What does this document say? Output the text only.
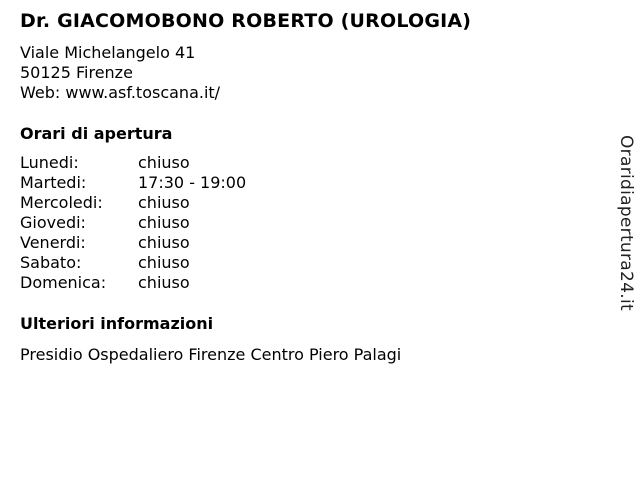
Dr. GIACOMOBONO ROBERTO (UROLOGIA)
Viale Michelangelo 41
50125 Firenze
Web: www.asf.toscana.it/
Orari di apertura
Lunedi:	chiuso
Martedi:	17:30 - 19:00
Mercoledi:	chiuso
Giovedi:	chiuso
Venerdi:	chiuso
Sabato:	chiuso
Domenica:	chiuso
Ulteriori informazioni
Presidio Ospedaliero Firenze Centro Piero Palagi
Oraridiapertura24.it
